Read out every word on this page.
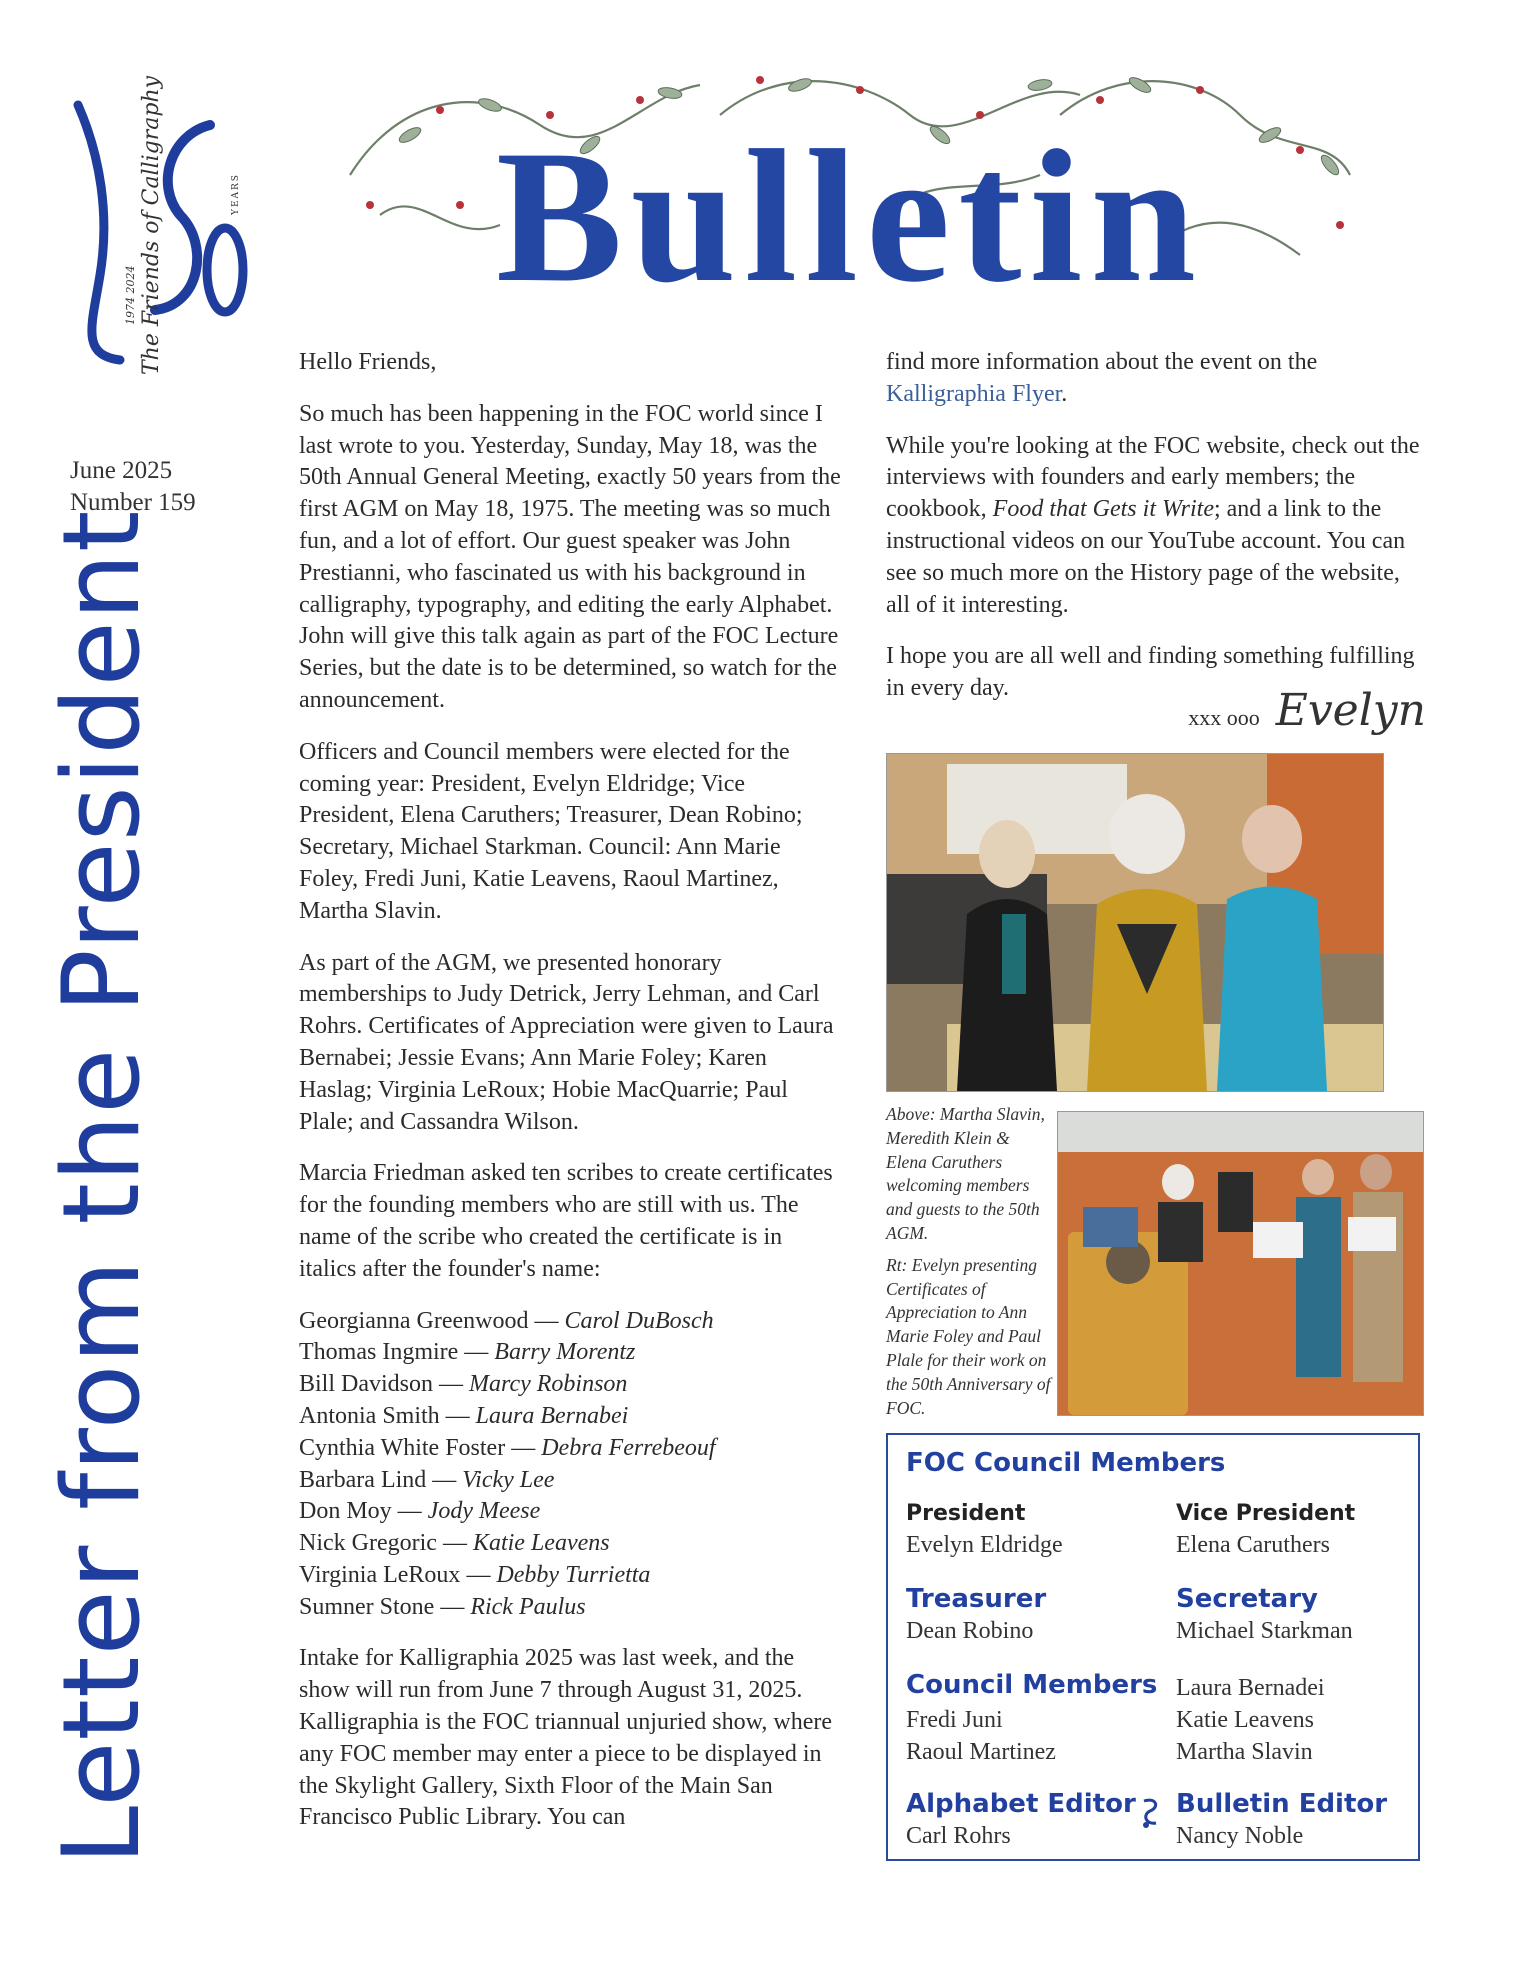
The Friends of Calligraphy
1974 2024
YEARS
50
June 2025
Number 159
Letter from the President
Bulletin

Hello Friends,

So much has been happening in the FOC world since I last wrote to you. Yesterday, Sunday, May 18, was the 50th Annual General Meeting, exactly 50 years from the first AGM on May 18, 1975. The meeting was so much fun, and a lot of effort. Our guest speaker was John Prestianni, who fascinated us with his background in calligraphy, typography, and editing the early Alphabet. John will give this talk again as part of the FOC Lecture Series, but the date is to be determined, so watch for the announcement.

Officers and Council members were elected for the coming year: President, Evelyn Eldridge; Vice President, Elena Caruthers; Treasurer, Dean Robino; Secretary, Michael Starkman. Council: Ann Marie Foley, Fredi Juni, Katie Leavens, Raoul Martinez, Martha Slavin.

As part of the AGM, we presented honorary memberships to Judy Detrick, Jerry Lehman, and Carl Rohrs. Certificates of Appreciation were given to Laura Bernabei; Jessie Evans; Ann Marie Foley; Karen Haslag; Virginia LeRoux; Hobie MacQuarrie; Paul Plale; and Cassandra Wilson.

Marcia Friedman asked ten scribes to create certificates for the founding members who are still with us. The name of the scribe who created the certificate is in italics after the founder's name:

Georgianna Greenwood — Carol DuBosch
Thomas Ingmire — Barry Morentz
Bill Davidson — Marcy Robinson
Antonia Smith — Laura Bernabei
Cynthia White Foster — Debra Ferrebeouf
Barbara Lind — Vicky Lee
Don Moy — Jody Meese
Nick Gregoric — Katie Leavens
Virginia LeRoux — Debby Turrietta
Sumner Stone — Rick Paulus

Intake for Kalligraphia 2025 was last week, and the show will run from June 7 through August 31, 2025. Kalligraphia is the FOC triannual unjuried show, where any FOC member may enter a piece to be displayed in the Skylight Gallery, Sixth Floor of the Main San Francisco Public Library. You can

find more information about the event on the Kalligraphia Flyer.

While you're looking at the FOC website, check out the interviews with founders and early members; the cookbook, Food that Gets it Write; and a link to the instructional videos on our YouTube account. You can see so much more on the History page of the website, all of it interesting.

I hope you are all well and finding something fulfilling in every day.

xxx ooo Evelyn

Above: Martha Slavin, Meredith Klein & Elena Caruthers welcoming members and guests to the 50th AGM.

Rt: Evelyn presenting Certificates of Appreciation to Ann Marie Foley and Paul Plale for their work on the 50th Anniversary of FOC.

FOC Council Members
President
Evelyn Eldridge
Vice President
Elena Caruthers
Treasurer
Dean Robino
Secretary
Michael Starkman
Council Members
Fredi Juni
Raoul Martinez
Laura Bernadei
Katie Leavens
Martha Slavin
Alphabet Editor
Carl Rohrs
Bulletin Editor
Nancy Noble
